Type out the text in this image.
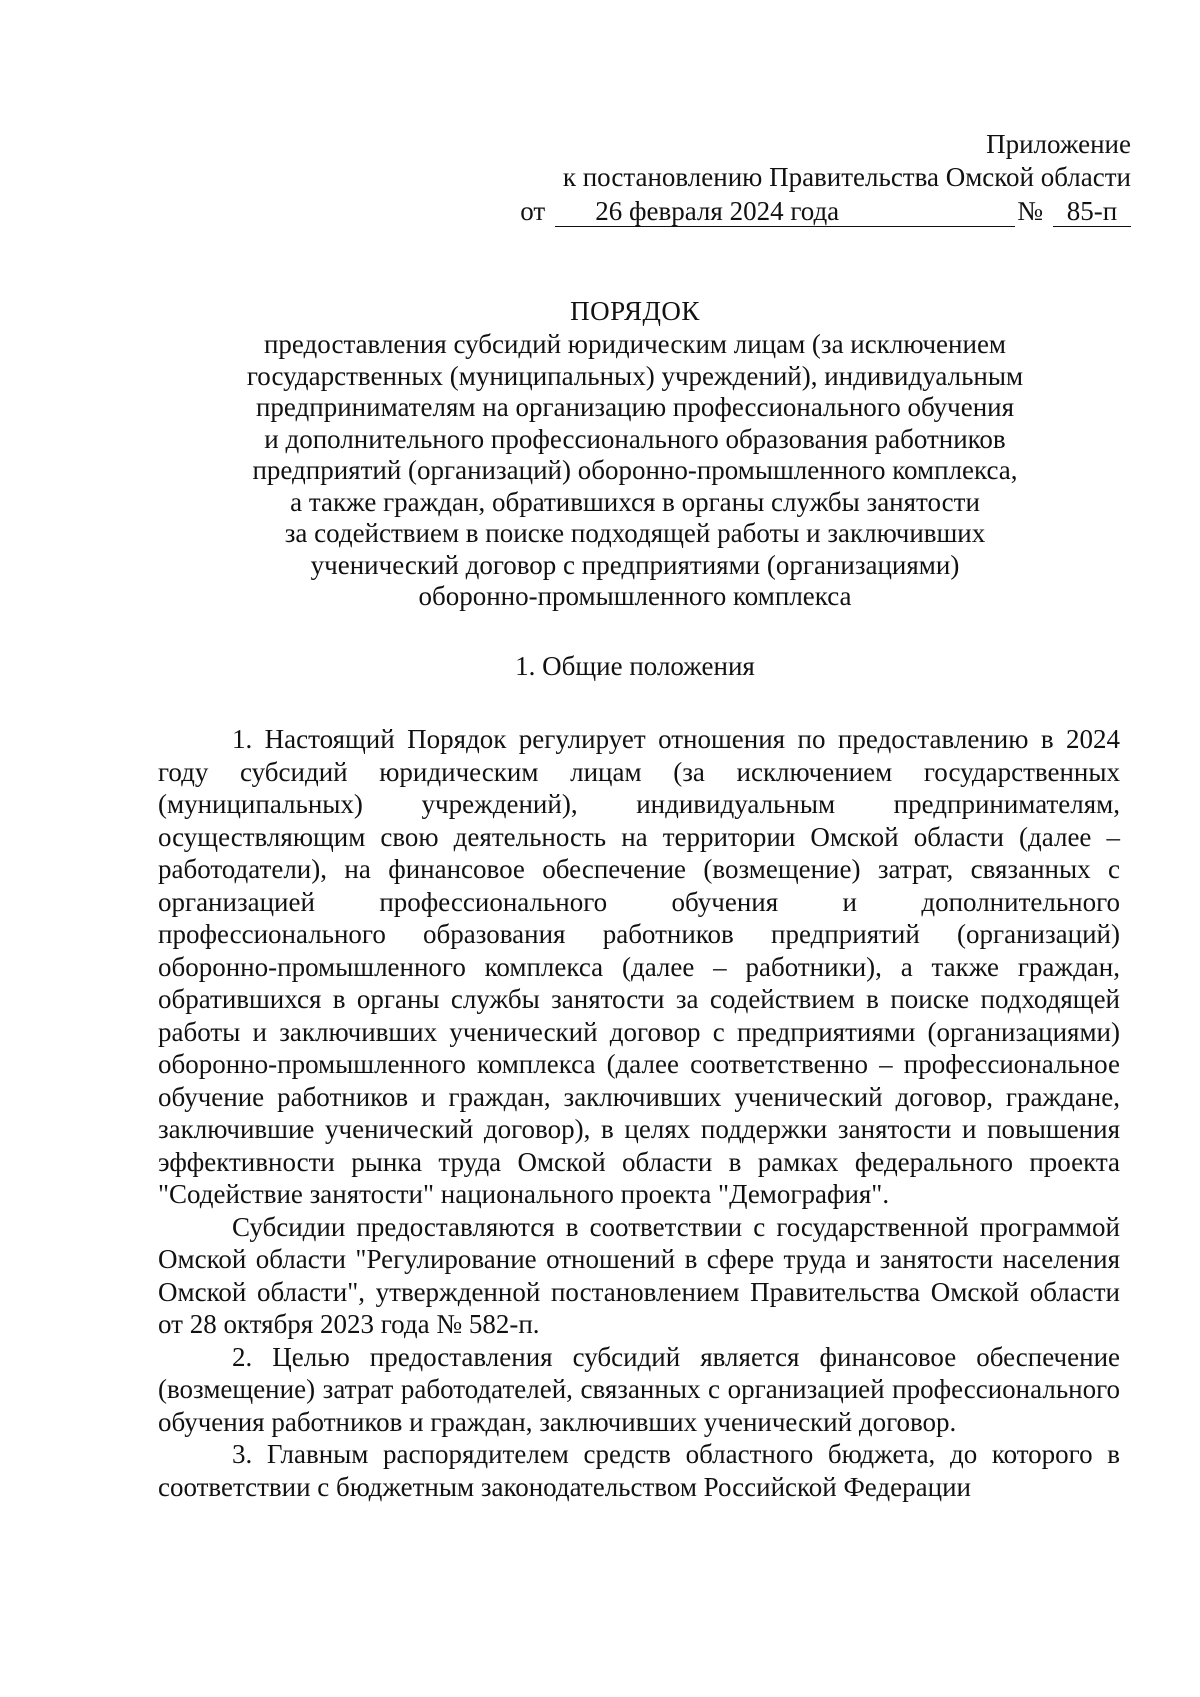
Приложение
к постановлению Правительства Омской области
от	26 февраля 2024 года	№ 85-п
ПОРЯДОК
предоставления субсидий юридическим лицам (за исключением
государственных (муниципальных) учреждений), индивидуальным
предпринимателям на организацию профессионального обучения
и дополнительного профессионального образования работников
предприятий (организаций) оборонно-промышленного комплекса,
а также граждан, обратившихся в органы службы занятости
за содействием в поиске подходящей работы и заключивших
ученический договор с предприятиями (организациями)
оборонно-промышленного комплекса
1. Общие положения

1. Настоящий Порядок регулирует отношения по предоставлению в 2024 году субсидий юридическим лицам (за исключением государственных (муниципальных) учреждений), индивидуальным предпринимателям, осуществляющим свою деятельность на территории Омской области (далее – работодатели), на финансовое обеспечение (возмещение) затрат, связанных с организацией профессионального обучения и дополнительного профессионального образования работников предприятий (организаций) оборонно-промышленного комплекса (далее – работники), а также граждан, обратившихся в органы службы занятости за содействием в поиске подходящей работы и заключивших ученический договор с предприятиями (организациями) оборонно-промышленного комплекса (далее соответственно – профессиональное обучение работников и граждан, заключивших ученический договор, граждане, заключившие ученический договор), в целях поддержки занятости и повышения эффективности рынка труда Омской области в рамках федерального проекта "Содействие занятости" национального проекта "Демография".

Субсидии предоставляются в соответствии с государственной программой Омской области "Регулирование отношений в сфере труда и занятости населения Омской области", утвержденной постановлением Правительства Омской области от 28 октября 2023 года № 582-п.

2. Целью предоставления субсидий является финансовое обеспечение (возмещение) затрат работодателей, связанных с организацией профессионального обучения работников и граждан, заключивших ученический договор.

3. Главным распорядителем средств областного бюджета, до которого в соответствии с бюджетным законодательством Российской Федерации
